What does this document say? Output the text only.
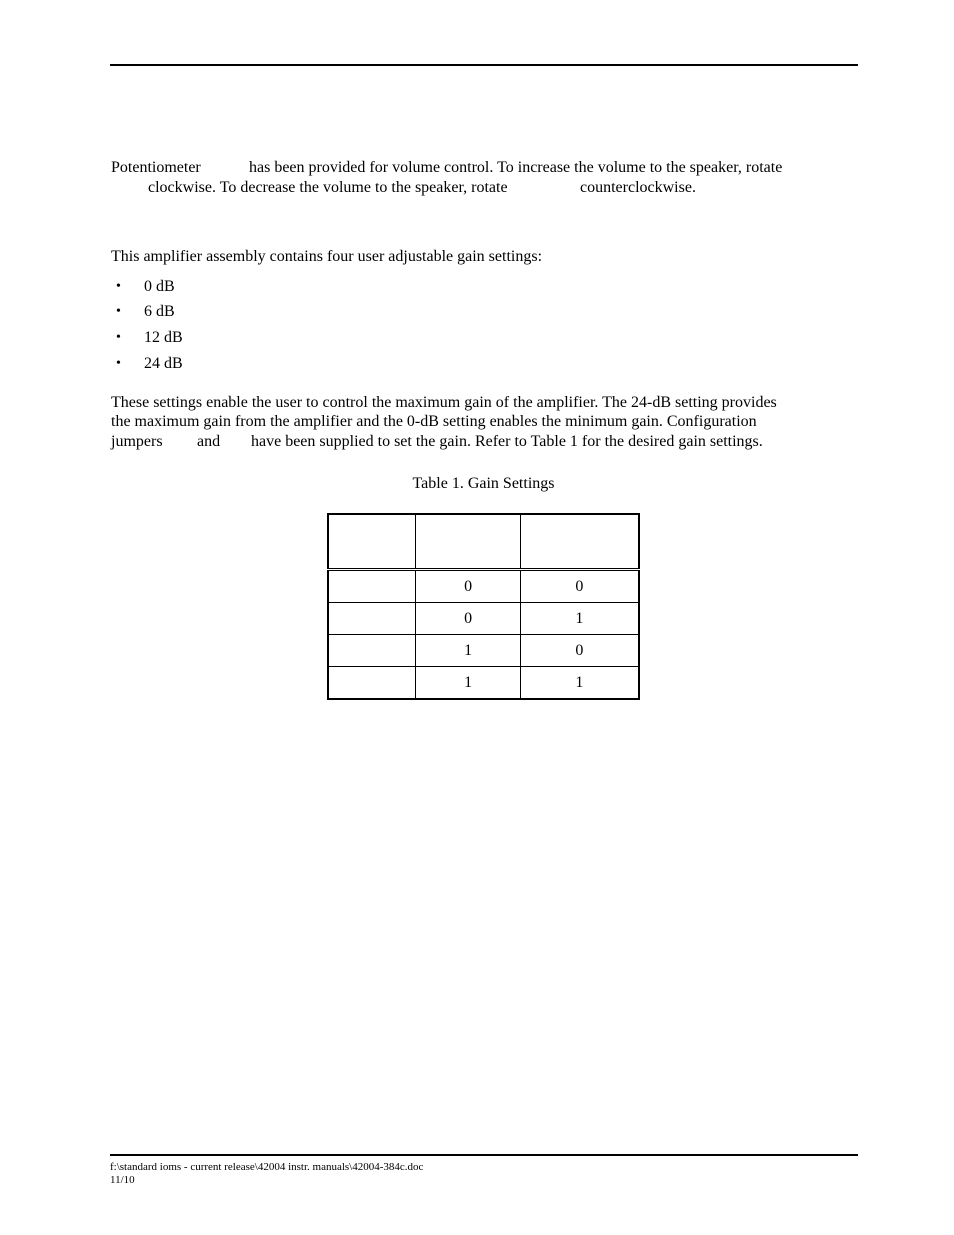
Potentiometer	has been provided for volume control. To increase the volume to the speaker, rotate
clockwise. To decrease the volume to the speaker, rotate	counterclockwise.
This amplifier assembly contains four user adjustable gain settings:
• 0 dB
• 6 dB
• 12 dB
• 24 dB
These settings enable the user to control the maximum gain of the amplifier. The 24-dB setting provides
the maximum gain from the amplifier and the 0-dB setting enables the minimum gain. Configuration
jumpers and have been supplied to set the gain. Refer to Table 1 for the desired gain settings.
Table 1. Gain Settings

	0	0
	0	1
	1	0
	1	1
f:\standard ioms - current release\42004 instr. manuals\42004-384c.doc
11/10
